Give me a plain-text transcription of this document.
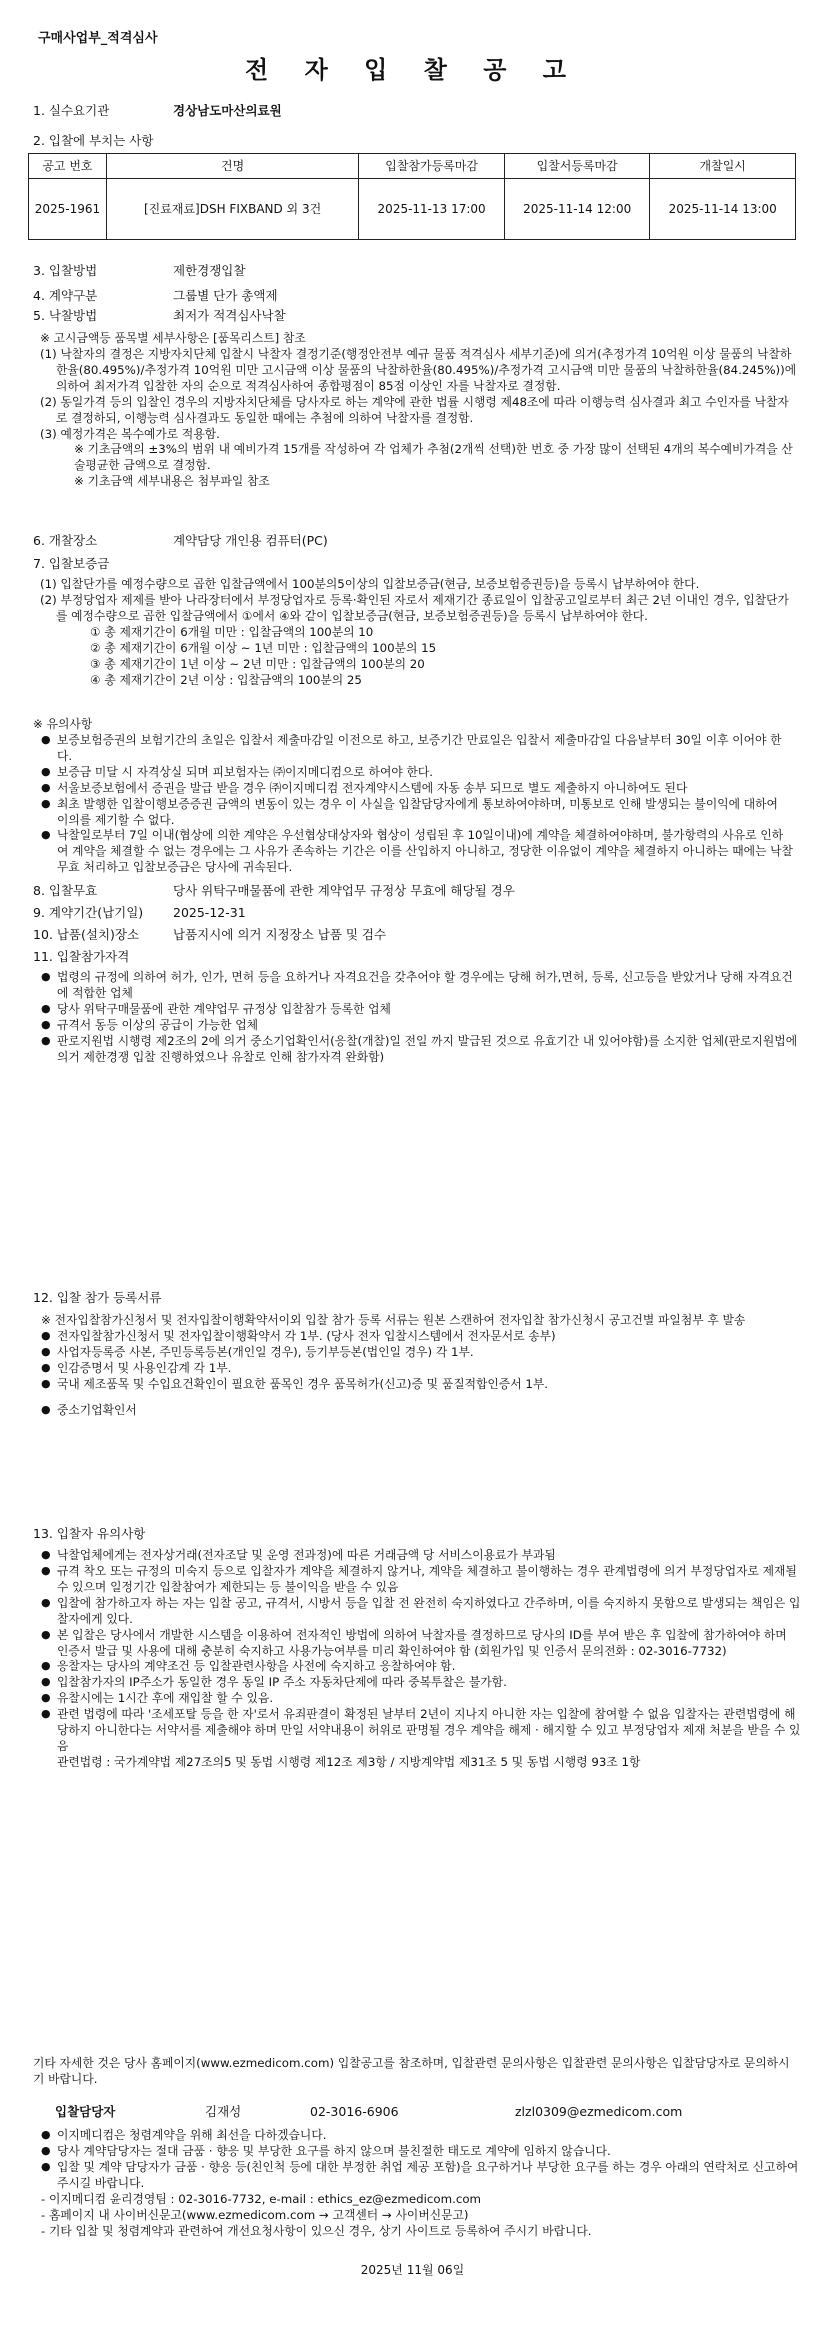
구매사업부_적격심사
전 자 입 찰 공 고
1. 실수요기관	경상남도마산의료원
2. 입찰에 부치는 사항
공고 번호	건명	입찰참가등록마감	입찰서등록마감	개찰일시
2025-1961	[진료재료]DSH FIXBAND 외 3건	2025-11-13 17:00	2025-11-14 12:00	2025-11-14 13:00
3. 입찰방법	제한경쟁입찰
4. 계약구분	그룹별 단가 총액제
5. 낙찰방법	최저가 적격심사낙찰

※ 고시금액등 품목별 세부사항은 [품목리스트] 참조

(1) 낙찰자의 결정은 지방자치단체 입찰시 낙찰자 결정기준(행정안전부 예규 물품 적격심사 세부기준)에 의거(추정가격 10억원 이상 물품의 낙찰하한율(80.495%)/추정가격 10억원 미만 고시금액 이상 물품의 낙찰하한율(80.495%)/추정가격 고시금액 미만 물품의 낙찰하한율(84.245%))에 의하여 최저가격 입찰한 자의 순으로 적격심사하여 종합평점이 85점 이상인 자를 낙찰자로 결정함.

(2) 동일가격 등의 입찰인 경우의 지방자치단체를 당사자로 하는 계약에 관한 법률 시행령 제48조에 따라 이행능력 심사결과 최고 수인자를 낙찰자로 결정하되, 이행능력 심사결과도 동일한 때에는 추첨에 의하여 낙찰자를 결정함.

(3) 예정가격은 복수예가로 적용함.

※ 기초금액의 ±3%의 범위 내 예비가격 15개를 작성하여 각 업체가 추첨(2개씩 선택)한 번호 중 가장 많이 선택된 4개의 복수예비가격을 산술평균한 금액으로 결정함.

※ 기초금액 세부내용은 첨부파일 참조

6. 개찰장소	계약담당 개인용 컴퓨터(PC)
7. 입찰보증금

(1) 입찰단가를 예정수량으로 곱한 입찰금액에서 100분의5이상의 입찰보증금(현금, 보증보험증권등)을 등록시 납부하여야 한다.

(2) 부정당업자 제제를 받아 나라장터에서 부정당업자로 등록·확인된 자로서 제재기간 종료일이 입찰공고일로부터 최근 2년 이내인 경우, 입찰단가를 예정수량으로 곱한 입찰금액에서 ①에서 ④와 같이 입찰보증금(현금, 보증보험증권등)을 등록시 납부하여야 한다.

① 총 제재기간이 6개월 미만 : 입찰금액의 100분의 10

② 총 제재기간이 6개월 이상 ~ 1년 미만 : 입찰금액의 100분의 15

③ 총 제재기간이 1년 이상 ~ 2년 미만 : 입찰금액의 100분의 20

④ 총 제재기간이 2년 이상 : 입찰금액의 100분의 25

※ 유의사항

● 보증보험증권의 보험기간의 초일은 입찰서 제출마감일 이전으로 하고, 보증기간 만료일은 입찰서 제출마감일 다음날부터 30일 이후 이어야 한다.
● 보증금 미달 시 자격상실 되며 피보험자는 ㈜이지메디컴으로 하여야 한다.
● 서울보증보험에서 증권을 발급 받을 경우 ㈜이지메디컴 전자계약시스템에 자동 송부 되므로 별도 제출하지 아니하여도 된다
● 최초 발행한 입찰이행보증증권 금액의 변동이 있는 경우 이 사실을 입찰담당자에게 통보하여야하며, 미통보로 인해 발생되는 불이익에 대하여 이의를 제기할 수 없다.
● 낙찰일로부터 7일 이내(협상에 의한 계약은 우선협상대상자와 협상이 성립된 후 10일이내)에 계약을 체결하여야하며, 불가항력의 사유로 인하여 계약을 체결할 수 없는 경우에는 그 사유가 존속하는 기간은 이를 산입하지 아니하고, 정당한 이유없이 계약을 체결하지 아니하는 때에는 낙찰 무효 처리하고 입찰보증금은 당사에 귀속된다.
8. 입찰무효	당사 위탁구매물품에 관한 계약업무 규정상 무효에 해당될 경우
9. 계약기간(납기일) 2025-12-31
10. 납품(설치)장소	납품지시에 의거 지정장소 납품 및 검수
11. 입찰참가자격
● 법령의 규정에 의하여 허가, 인가, 면허 등을 요하거나 자격요건을 갖추어야 할 경우에는 당해 허가,면허, 등록, 신고등을 받았거나 당해 자격요건에 적합한 업체
● 당사 위탁구매물품에 관한 계약업무 규정상 입찰참가 등록한 업체
● 규격서 동등 이상의 공급이 가능한 업체
● 판로지원법 시행령 제2조의 2에 의거 중소기업확인서(응찰(개찰)일 전일 까지 발급된 것으로 유효기간 내 있어야함)를 소지한 업체(판로지원법에 의거 제한경쟁 입찰 진행하였으나 유찰로 인해 참가자격 완화함)
12. 입찰 참가 등록서류

※ 전자입찰참가신청서 및 전자입찰이행확약서이외 입찰 참가 등록 서류는 원본 스캔하여 전자입찰 참가신청시 공고건별 파일첨부 후 발송

● 전자입찰참가신청서 및 전자입찰이행확약서 각 1부. (당사 전자 입찰시스템에서 전자문서로 송부)
● 사업자등록증 사본, 주민등록등본(개인일 경우), 등기부등본(법인일 경우) 각 1부.
● 인감증명서 및 사용인감계 각 1부.
● 국내 제조품목 및 수입요건확인이 필요한 품목인 경우 품목허가(신고)증 및 품질적합인증서 1부.
● 중소기업확인서
13. 입찰자 유의사항
● 낙찰업체에게는 전자상거래(전자조달 및 운영 전과정)에 따른 거래금액 당 서비스이용료가 부과됨
● 규격 착오 또는 규정의 미숙지 등으로 입찰자가 계약을 체결하지 않거나, 계약을 체결하고 불이행하는 경우 관계법령에 의거 부정당업자로 제재될 수 있으며 일정기간 입찰참여가 제한되는 등 불이익을 받을 수 있음
● 입찰에 참가하고자 하는 자는 입찰 공고, 규격서, 시방서 등을 입찰 전 완전히 숙지하였다고 간주하며, 이를 숙지하지 못함으로 발생되는 책임은 입찰자에게 있다.
● 본 입찰은 당사에서 개발한 시스템을 이용하여 전자적인 방법에 의하여 낙찰자를 결정하므로 당사의 ID를 부여 받은 후 입찰에 참가하여야 하며 인증서 발급 및 사용에 대해 충분히 숙지하고 사용가능여부를 미리 확인하여야 함 (회원가입 및 인증서 문의전화 : 02-3016-7732)
● 응찰자는 당사의 계약조건 등 입찰관련사항을 사전에 숙지하고 응찰하여야 함.
● 입찰참가자의 IP주소가 동일한 경우 동일 IP 주소 자동차단제에 따라 중복투찰은 불가함.
● 유찰시에는 1시간 후에 재입찰 할 수 있음.
● 관련 법령에 따라 '조세포탈 등을 한 자'로서 유죄판결이 확정된 날부터 2년이 지나지 아니한 자는 입찰에 참여할 수 없음 입찰자는 관련법령에 해당하지 아니한다는 서약서를 제출해야 하며 만일 서약내용이 허위로 판명될 경우 계약을 해제 · 해지할 수 있고 부정당업자 제재 처분을 받을 수 있음

관련법령 : 국가계약법 제27조의5 및 동법 시행령 제12조 제3항 / 지방계약법 제31조 5 및 동법 시행령 93조 1항

기타 자세한 것은 당사 홈페이지(www.ezmedicom.com) 입찰공고를 참조하며, 입찰관련 문의사항은 입찰관련 문의사항은 입찰담당자로 문의하시기 바랍니다.
입찰담당자	김재성	02-3016-6906	zlzl0309@ezmedicom.com
● 이지메디컴은 청렴계약을 위해 최선을 다하겠습니다.
● 당사 계약담당자는 절대 금품 · 향응 및 부당한 요구를 하지 않으며 불친절한 태도로 계약에 임하지 않습니다.
● 입찰 및 계약 담당자가 금품 · 향응 등(친인척 등에 대한 부정한 취업 제공 포함)을 요구하거나 부당한 요구를 하는 경우 아래의 연락처로 신고하여 주시길 바랍니다.

- 이지메디컴 윤리경영팀 : 02-3016-7732, e-mail : ethics_ez@ezmedicom.com

- 홈페이지 내 사이버신문고(www.ezmedicom.com → 고객센터 → 사이버신문고)

- 기타 입찰 및 청렴계약과 관련하여 개선요청사항이 있으신 경우, 상기 사이트로 등록하여 주시기 바랍니다.

2025년 11월 06일
